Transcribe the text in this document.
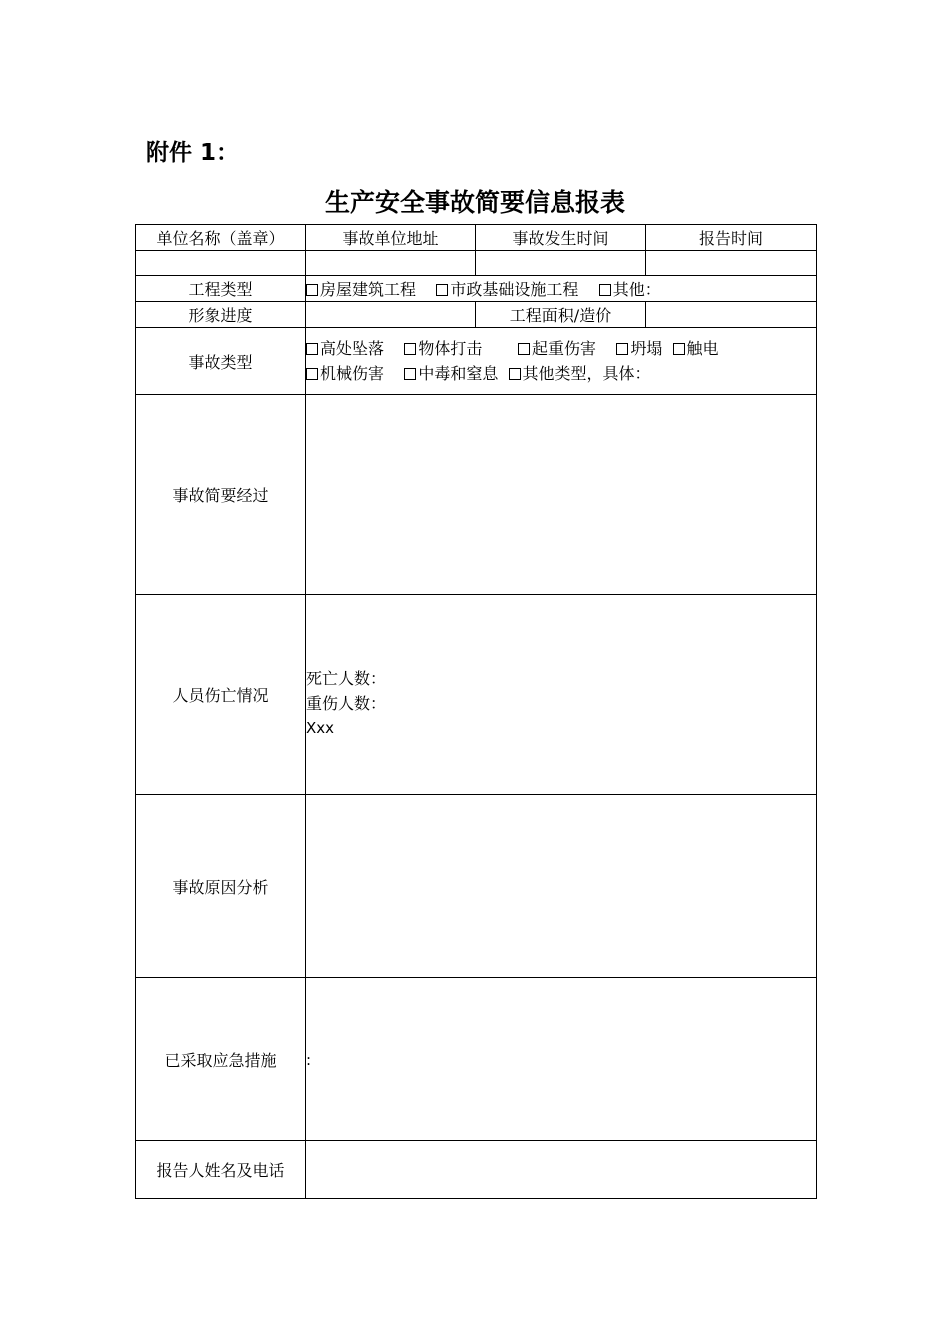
附件 1：
生产安全事故简要信息报表
单位名称（盖章）	事故单位地址	事故发生时间	报告时间

工程类型	房屋建筑工程 市政基础设施工程 其他：		
形象进度		工程面积/造价	
事故类型	高处坠落 物体打击 起重伤害 坍塌 触电
机械伤害 中毒和窒息 其他类型，具体：		

事故简要经过			
人员伤亡情况	死亡人数：
重伤人数：
Xxx		

事故原因分析			
已采取应急措施	:		
报告人姓名及电话			
